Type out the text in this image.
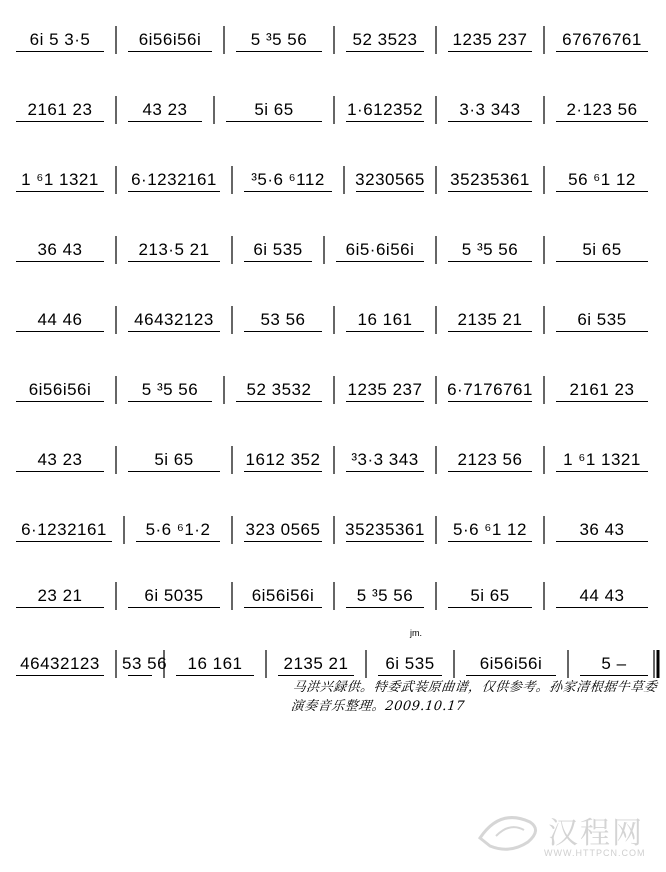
6i 5 3·5	6i56i56i	5 ³5 56	52 3523	1235 237	67676761
2161 23	43 23	5i 65	1·612352	3·3 343	2·123 56
1 ⁶1 1321	6·1232161	³5·6 ⁶112	3230565	35235361	56 ⁶1 12
36 43	213·5 21	6i 535	6i5·6i56i	5 ³5 56	5i 65
44 46	46432123	53 56	16 161	2135 21	6i 535
6i56i56i	5 ³5 56	52 3532	1235 237	6·7176761	2161 23
43 23	5i 65	1612 352	³3·3 343	2123 56	1 ⁶1 1321
6·1232161	5·6 ⁶1·2	323 0565	35235361	5·6 ⁶1 12	36 43
23 21	6i 5035	6i56i56i	5 ³5 56	5i 65	44 43
46432123	53 56	16 161	2135 21	6i 535	6i56i56i	5 –
jm.
马洪兴録供。特委武装原曲谱，仅供参考。孙家清根据牛草委演奏音乐整理。2009.10.17
汉程网
WWW.HTTPCN.COM
